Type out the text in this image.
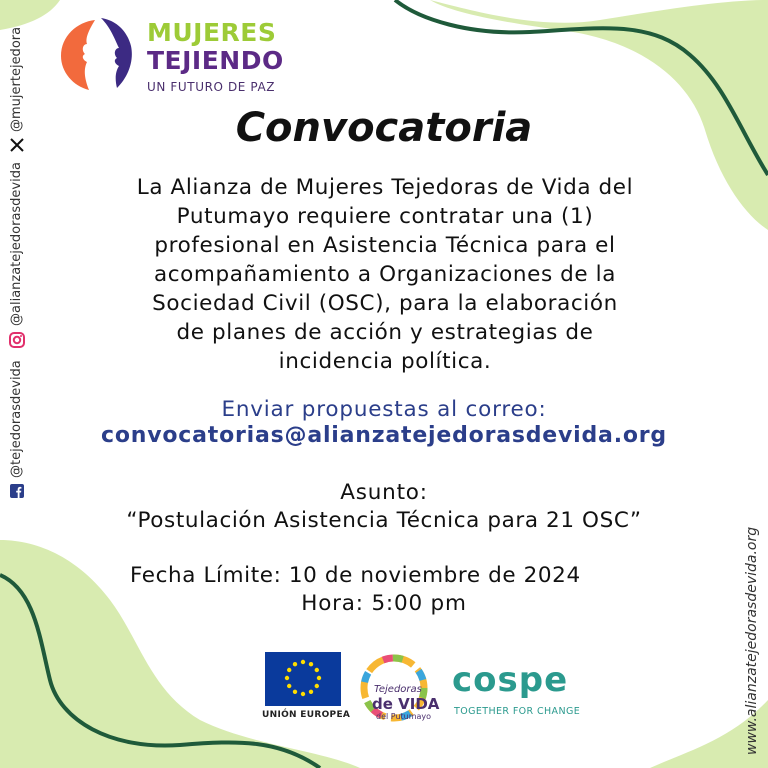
MUJERES
TEJIENDO
UN FUTURO DE PAZ
@mujertejedora
@alianzatejedorasdevida
@tejedorasdevida
Convocatoria
La Alianza de Mujeres Tejedoras de Vida del
Putumayo requiere contratar una (1)
profesional en Asistencia Técnica para el
acompañamiento a Organizaciones de la
Sociedad Civil (OSC), para la elaboración
de planes de acción y estrategias de
incidencia política.
Enviar propuestas al correo:
convocatorias@alianzatejedorasdevida.org
Asunto:
“Postulación Asistencia Técnica para 21 OSC”
Fecha Límite: 10 de noviembre de 2024
Hora: 5:00 pm	www.alianzatejedorasdevida.org
UNIÓN EUROPEA
Tejedoras
de VIDA
del Putumayo
cospe
TOGETHER FOR CHANGE
